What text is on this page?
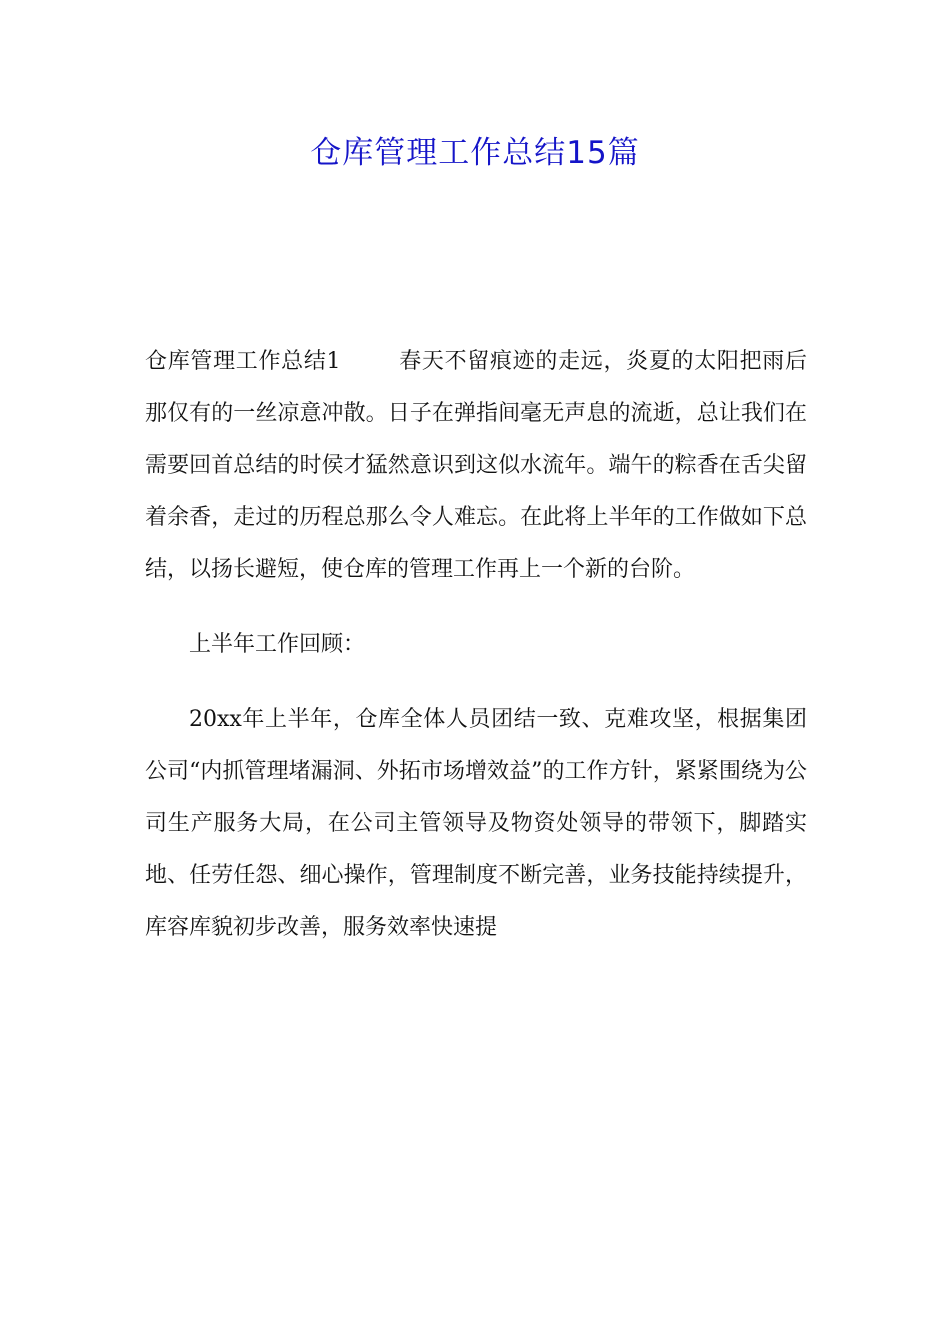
仓库管理工作总结15篇

仓库管理工作总结1	春天不留痕迹的走远，炎夏的太阳把雨后那仅有的一丝凉意冲散。日子在弹指间毫无声息的流逝，总让我们在需要回首总结的时侯才猛然意识到这似水流年。端午的粽香在舌尖留着余香，走过的历程总那么令人难忘。在此将上半年的工作做如下总结，以扬长避短，使仓库的管理工作再上一个新的台阶。

上半年工作回顾：

20xx年上半年，仓库全体人员团结一致、克难攻坚，根据集团公司“内抓管理堵漏洞、外拓市场增效益”的工作方针，紧紧围绕为公司生产服务大局，在公司主管领导及物资处领导的带领下，脚踏实地、任劳任怨、细心操作，管理制度不断完善，业务技能持续提升，库容库貌初步改善，服务效率快速提
